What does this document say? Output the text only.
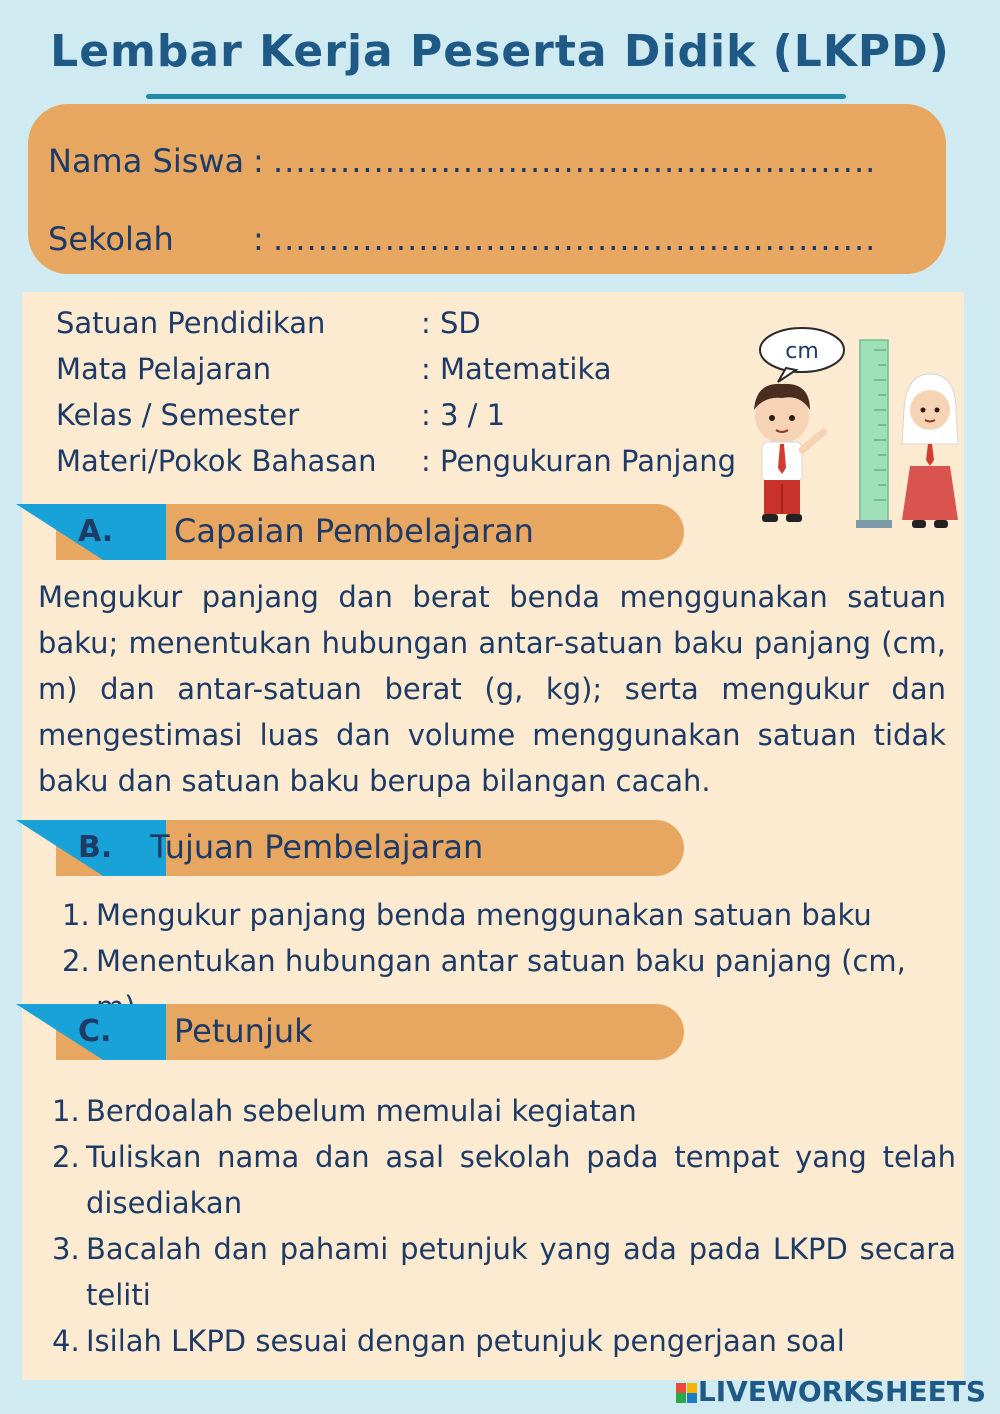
Lembar Kerja Peserta Didik (LKPD)
Nama Siswa : ......................................................
Sekolah : ......................................................
Satuan Pendidikan	: SD
Mata Pelajaran	: Matematika
Kelas / Semester	: 3 / 1
Materi/Pokok Bahasan : Pengukuran Panjang
cm
A. Capaian Pembelajaran
Mengukur panjang dan berat benda menggunakan satuan baku; menentukan hubungan antar-satuan baku panjang (cm, m) dan antar-satuan berat (g, kg); serta mengukur dan mengestimasi luas dan volume menggunakan satuan tidak baku dan satuan baku berupa bilangan cacah.
B. Tujuan Pembelajaran
1. Mengukur panjang benda menggunakan satuan baku
2. Menentukan hubungan antar satuan baku panjang (cm,
C. Petunjuk
1. Berdoalah sebelum memulai kegiatan
2. Tuliskan nama dan asal sekolah pada tempat yang telah disediakan
3. Bacalah dan pahami petunjuk yang ada pada LKPD secara teliti
4. Isilah LKPD sesuai dengan petunjuk pengerjaan soal

LIVEWORKSHEETS
